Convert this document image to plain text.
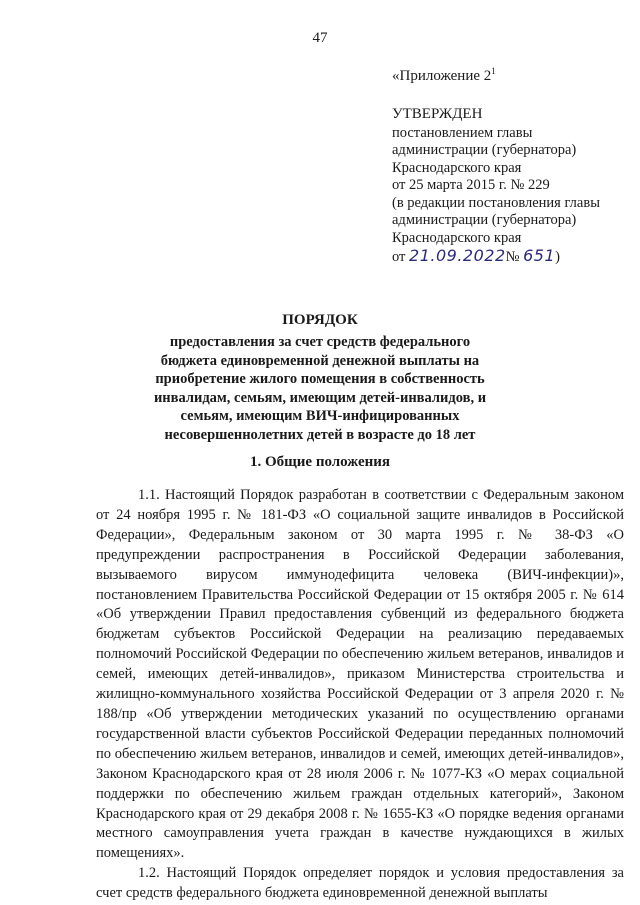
47
«Приложение $2^1$
УТВЕРЖДЕН
постановлением главы
администрации (губернатора)
Краснодарского края
от 25 марта 2015 г. № 229
(в редакции постановления главы
администрации (губернатора)
Краснодарского края
от 21.09.2022№ 651)
ПОРЯДОК
предоставления за счет средств федерального бюджета единовременной денежной выплаты на приобретение жилого помещения в собственность инвалидам, семьям, имеющим детей-инвалидов, и семьям, имеющим ВИЧ-инфицированных несовершеннолетних детей в возрасте до 18 лет
1. Общие положения

1.1. Настоящий Порядок разработан в соответствии с Федеральным законом от 24 ноября 1995 г. № 181-ФЗ «О социальной защите инвалидов в Российской Федерации», Федеральным законом от 30 марта 1995 г. № 38-ФЗ «О предупреждении распространения в Российской Федерации заболевания, вызываемого вирусом иммунодефицита человека (ВИЧ-инфекции)», постановлением Правительства Российской Федерации от 15 октября 2005 г. № 614 «Об утверждении Правил предоставления субвенций из федерального бюджета бюджетам субъектов Российской Федерации на реализацию передаваемых полномочий Российской Федерации по обеспечению жильем ветеранов, инвалидов и семей, имеющих детей-инвалидов», приказом Министерства строительства и жилищно-коммунального хозяйства Российской Федерации от 3 апреля 2020 г. № 188/пр «Об утверждении методических указаний по осуществлению органами государственной власти субъектов Российской Федерации переданных полномочий по обеспечению жильем ветеранов, инвалидов и семей, имеющих детей-инвалидов», Законом Краснодарского края от 28 июля 2006 г. № 1077-КЗ «О мерах социальной поддержки по обеспечению жильем граждан отдельных категорий», Законом Краснодарского края от 29 декабря 2008 г. № 1655-КЗ «О порядке ведения органами местного самоуправления учета граждан в качестве нуждающихся в жилых помещениях».

1.2. Настоящий Порядок определяет порядок и условия предоставления за счет средств федерального бюджета единовременной денежной выплаты
